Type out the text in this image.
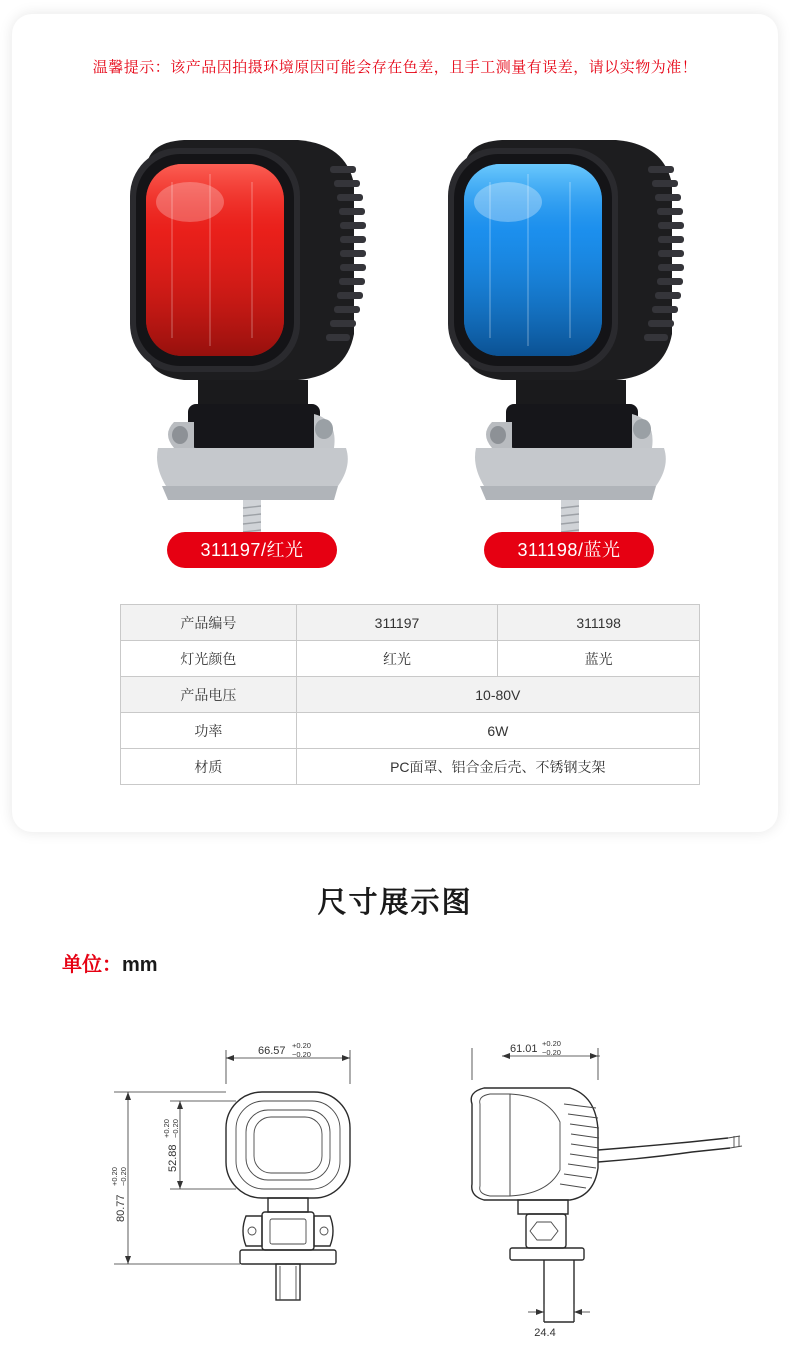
温馨提示：该产品因拍摄环境原因可能会存在色差，且手工测量有误差，请以实物为准！
311197/红光	311198/蓝光
产品编号	311197	311198
灯光颜色	红光	蓝光
产品电压	10-80V	
功率	6W	
材质	PC面罩、铝合金后壳、不锈钢支架	
尺寸展示图
单位：mm
66.57 +0.20
−0.20
52.88
+0.20 −0.20
80.77
+0.20 −0.20
61.01 +0.20
−0.20
24.4
